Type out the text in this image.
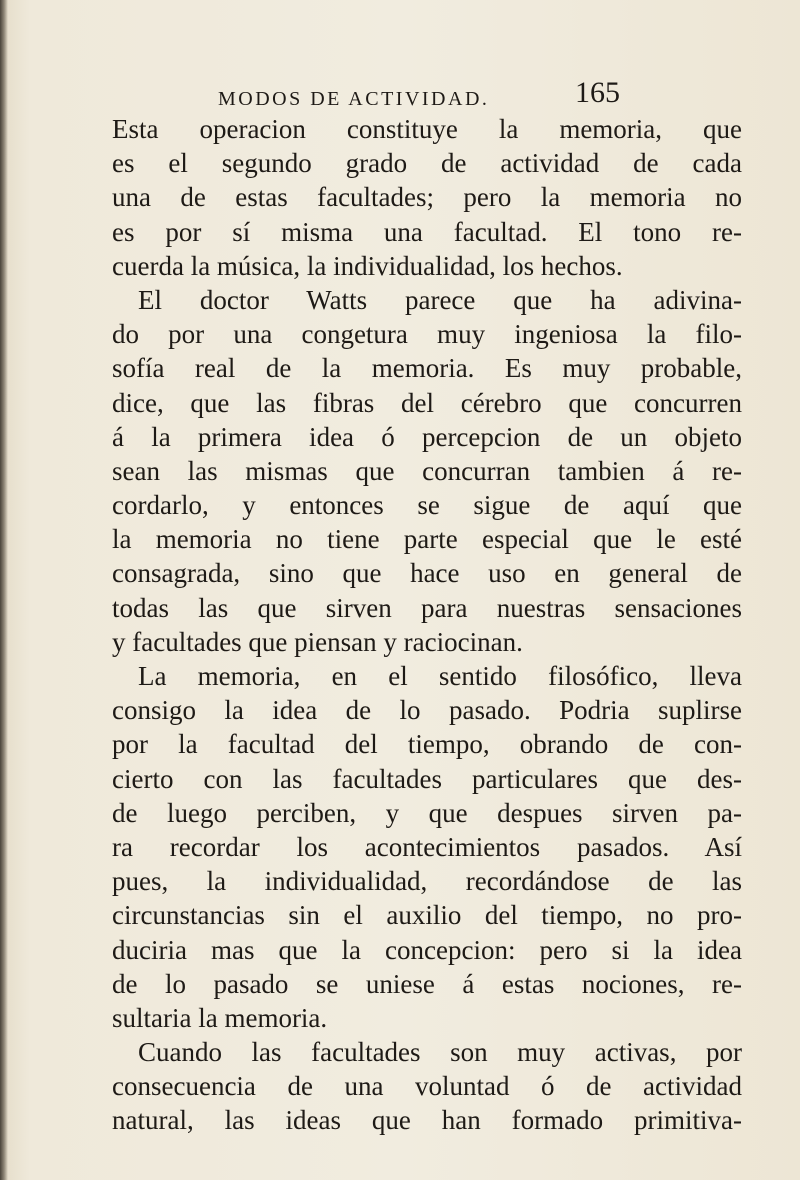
MODOS DE ACTIVIDAD.	165
Esta operacion constituye la memoria, que
es el segundo grado de actividad de cada
una de estas facultades; pero la memoria no
es por sí misma una facultad. El tono re-
cuerda la música, la individualidad, los hechos.
El doctor Watts parece que ha adivina-
do por una congetura muy ingeniosa la filo-
sofía real de la memoria. Es muy probable,
dice, que las fibras del cérebro que concurren
á la primera idea ó percepcion de un objeto
sean las mismas que concurran tambien á re-
cordarlo, y entonces se sigue de aquí que
la memoria no tiene parte especial que le esté
consagrada, sino que hace uso en general de
todas las que sirven para nuestras sensaciones
y facultades que piensan y raciocinan.
La memoria, en el sentido filosófico, lleva
consigo la idea de lo pasado. Podria suplirse
por la facultad del tiempo, obrando de con-
cierto con las facultades particulares que des-
de luego perciben, y que despues sirven pa-
ra recordar los acontecimientos pasados. Así
pues, la individualidad, recordándose de las
circunstancias sin el auxilio del tiempo, no pro-
duciria mas que la concepcion: pero si la idea
de lo pasado se uniese á estas nociones, re-
sultaria la memoria.
Cuando las facultades son muy activas, por
consecuencia de una voluntad ó de actividad
natural, las ideas que han formado primitiva-
